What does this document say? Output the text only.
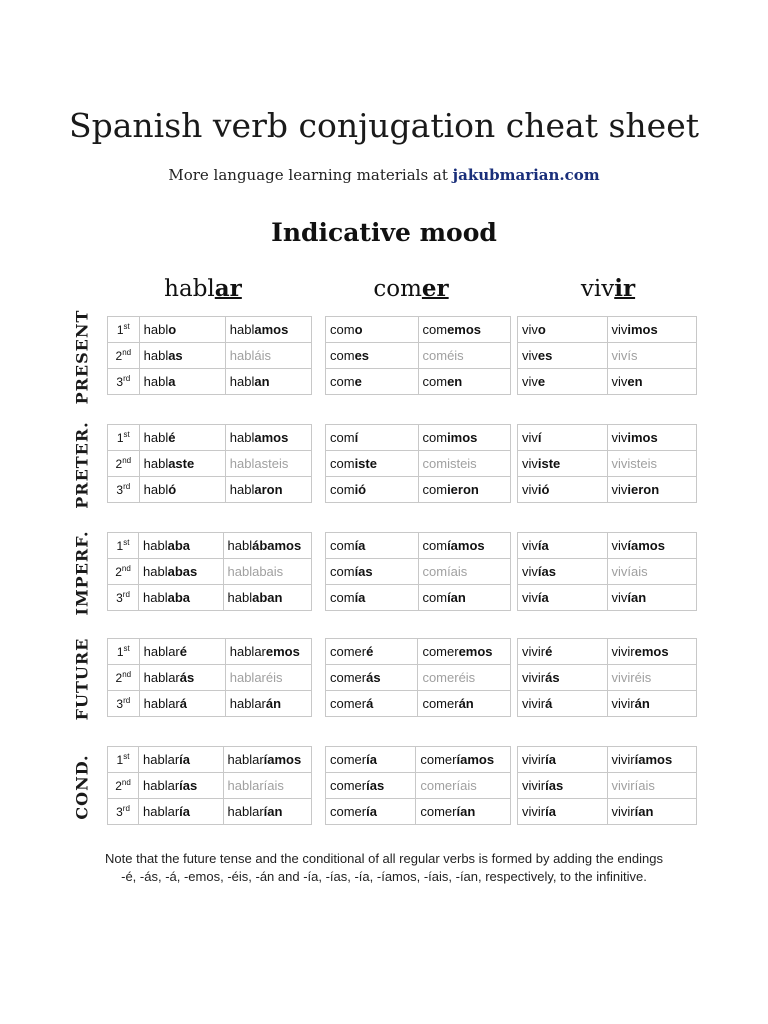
Spanish verb conjugation cheat sheet
More language learning materials at jakubmarian.com
Indicative mood
hablar	comer	vivir
PRESENT 1st	hablo	hablamos
2nd	hablas	habláis
3rd	habla	hablan
como	comemos
comes	coméis
come	comen
vivo	vivimos
vives	vivís
vive	viven
PRETER. 1st	hablé	hablamos
2nd	hablaste	hablasteis
3rd	habló	hablaron
comí	comimos
comiste	comisteis
comió	comieron
viví	vivimos
viviste	vivisteis
vivió	vivieron
IMPERF. 1st	hablaba	hablábamos
2nd	hablabas	hablabais
3rd	hablaba	hablaban
comía	comíamos
comías	comíais
comía	comían
vivía	vivíamos
vivías	vivíais
vivía	vivían
FUTURE 1st	hablaré	hablaremos
2nd	hablarás	hablaréis
3rd	hablará	hablarán
comeré	comeremos
comerás	comeréis
comerá	comerán
viviré	viviremos
vivirás	viviréis
vivirá	vivirán
COND. 1st	hablaría	hablaríamos
2nd	hablarías	hablaríais
3rd	hablaría	hablarían
comería	comeríamos
comerías	comeríais
comería	comerían
viviría	viviríamos
vivirías	viviríais
viviría	vivirían
Note that the future tense and the conditional of all regular verbs is formed by adding the endings
-é, -ás, -á, -emos, -éis, -án and -ía, -ías, -ía, -íamos, -íais, -ían, respectively, to the infinitive.
